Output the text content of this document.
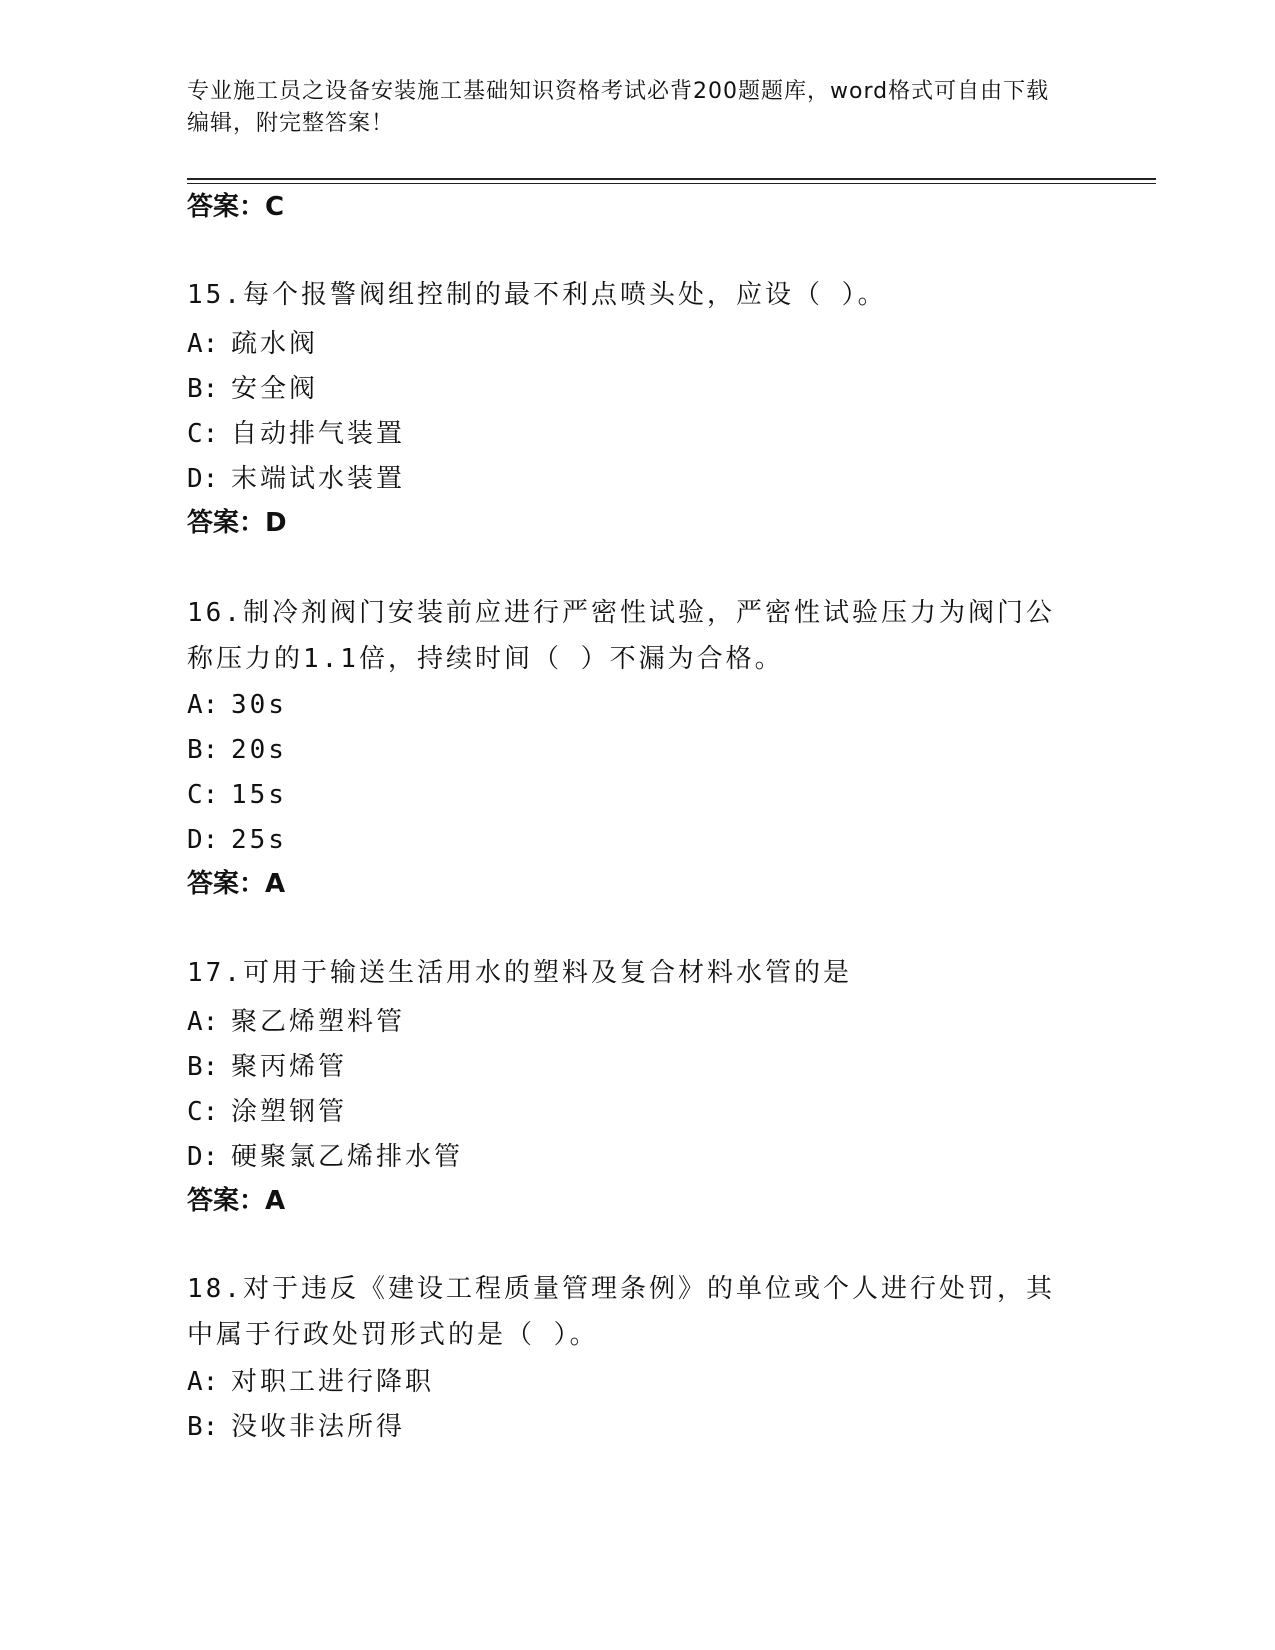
专业施工员之设备安装施工基础知识资格考试必背200题题库，word格式可自由下载编辑，附完整答案！
答案：C
15.每个报警阀组控制的最不利点喷头处，应设（ ）。
A: 疏水阀
B: 安全阀
C: 自动排气装置
D: 末端试水装置
答案：D
16.制冷剂阀门安装前应进行严密性试验，严密性试验压力为阀门公称压力的1.1倍，持续时间（ ）不漏为合格。
A: 30s
B: 20s
C: 15s
D: 25s
答案：A
17.可用于输送生活用水的塑料及复合材料水管的是
A: 聚乙烯塑料管
B: 聚丙烯管
C: 涂塑钢管
D: 硬聚氯乙烯排水管
答案：A
18.对于违反《建设工程质量管理条例》的单位或个人进行处罚，其中属于行政处罚形式的是（ ）。
A: 对职工进行降职
B: 没收非法所得
